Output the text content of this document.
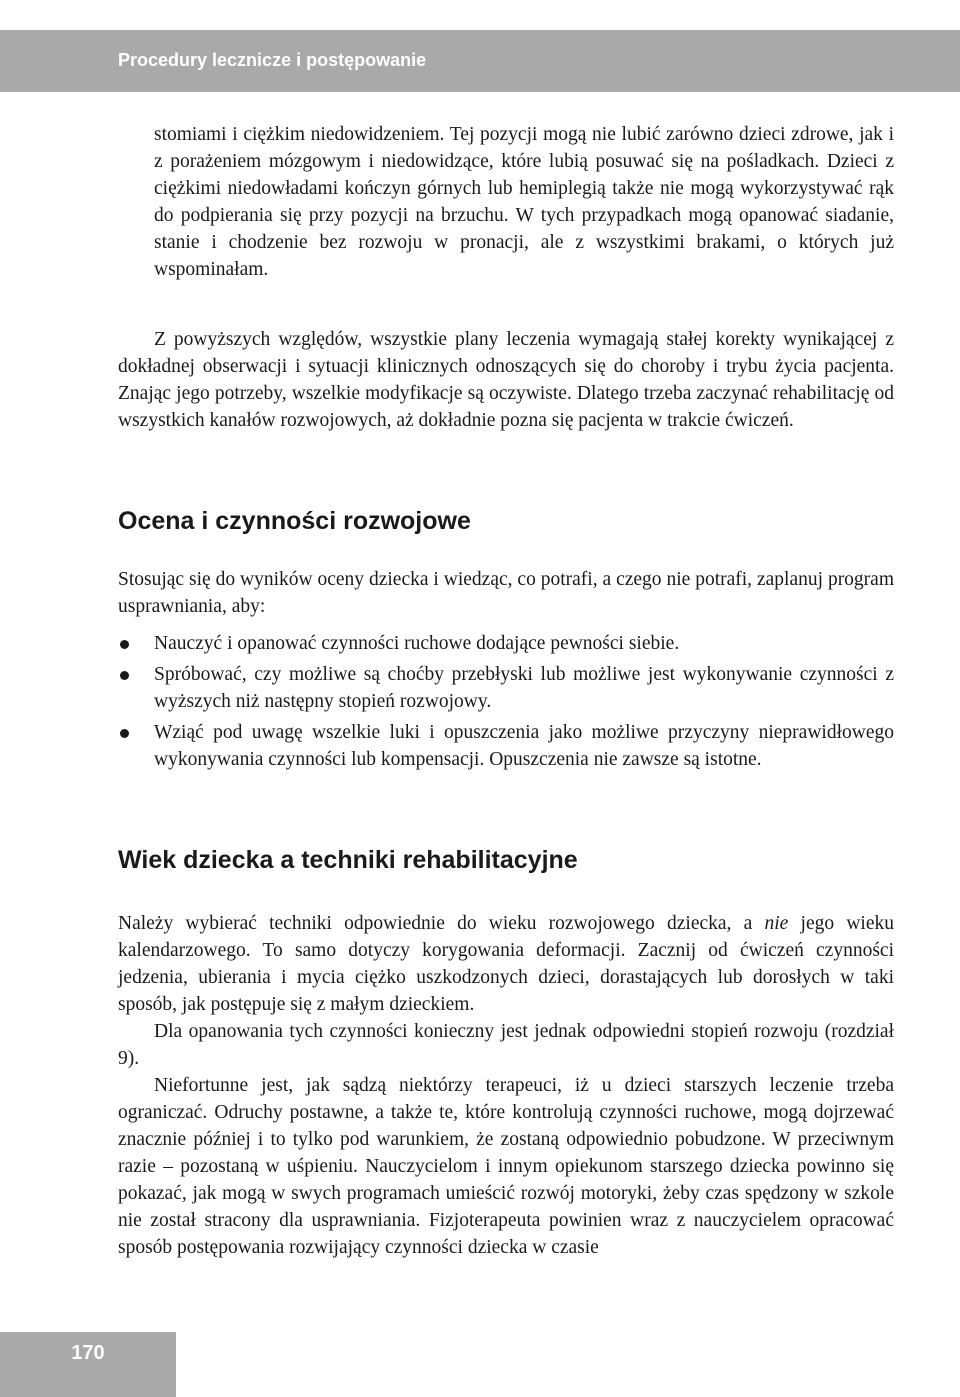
Procedury lecznicze i postępowanie

stomiami i ciężkim niedowidzeniem. Tej pozycji mogą nie lubić zarówno dzieci zdrowe, jak i z porażeniem mózgowym i niedowidzące, które lubią posuwać się na pośladkach. Dzieci z ciężkimi niedowładami kończyn górnych lub hemiplegią także nie mogą wykorzystywać rąk do podpierania się przy pozycji na brzuchu. W tych przypadkach mogą opanować siadanie, stanie i chodzenie bez rozwoju w pronacji, ale z wszystkimi brakami, o których już wspominałam.

Z powyższych względów, wszystkie plany leczenia wymagają stałej korekty wynikającej z dokładnej obserwacji i sytuacji klinicznych odnoszących się do choroby i trybu życia pacjenta. Znając jego potrzeby, wszelkie modyfikacje są oczywiste. Dlatego trzeba zaczynać rehabilitację od wszystkich kanałów rozwojowych, aż dokładnie pozna się pacjenta w trakcie ćwiczeń.

Ocena i czynności rozwojowe

Stosując się do wyników oceny dziecka i wiedząc, co potrafi, a czego nie potrafi, zaplanuj program usprawniania, aby:

Nauczyć i opanować czynności ruchowe dodające pewności siebie.
Spróbować, czy możliwe są choćby przebłyski lub możliwe jest wykonywanie czynności z wyższych niż następny stopień rozwojowy.
Wziąć pod uwagę wszelkie luki i opuszczenia jako możliwe przyczyny nieprawidłowego wykonywania czynności lub kompensacji. Opuszczenia nie zawsze są istotne.
Wiek dziecka a techniki rehabilitacyjne

Należy wybierać techniki odpowiednie do wieku rozwojowego dziecka, a nie jego wieku kalendarzowego. To samo dotyczy korygowania deformacji. Zacznij od ćwiczeń czynności jedzenia, ubierania i mycia ciężko uszkodzonych dzieci, dorastających lub dorosłych w taki sposób, jak postępuje się z małym dzieckiem.

Dla opanowania tych czynności konieczny jest jednak odpowiedni stopień rozwoju (rozdział 9).

Niefortunne jest, jak sądzą niektórzy terapeuci, iż u dzieci starszych leczenie trzeba ograniczać. Odruchy postawne, a także te, które kontrolują czynności ruchowe, mogą dojrzewać znacznie później i to tylko pod warunkiem, że zostaną odpowiednio pobudzone. W przeciwnym razie – pozostaną w uśpieniu. Nauczycielom i innym opiekunom starszego dziecka powinno się pokazać, jak mogą w swych programach umieścić rozwój motoryki, żeby czas spędzony w szkole nie został stracony dla usprawniania. Fizjoterapeuta powinien wraz z nauczycielem opracować sposób postępowania rozwijający czynności dziecka w czasie

170
